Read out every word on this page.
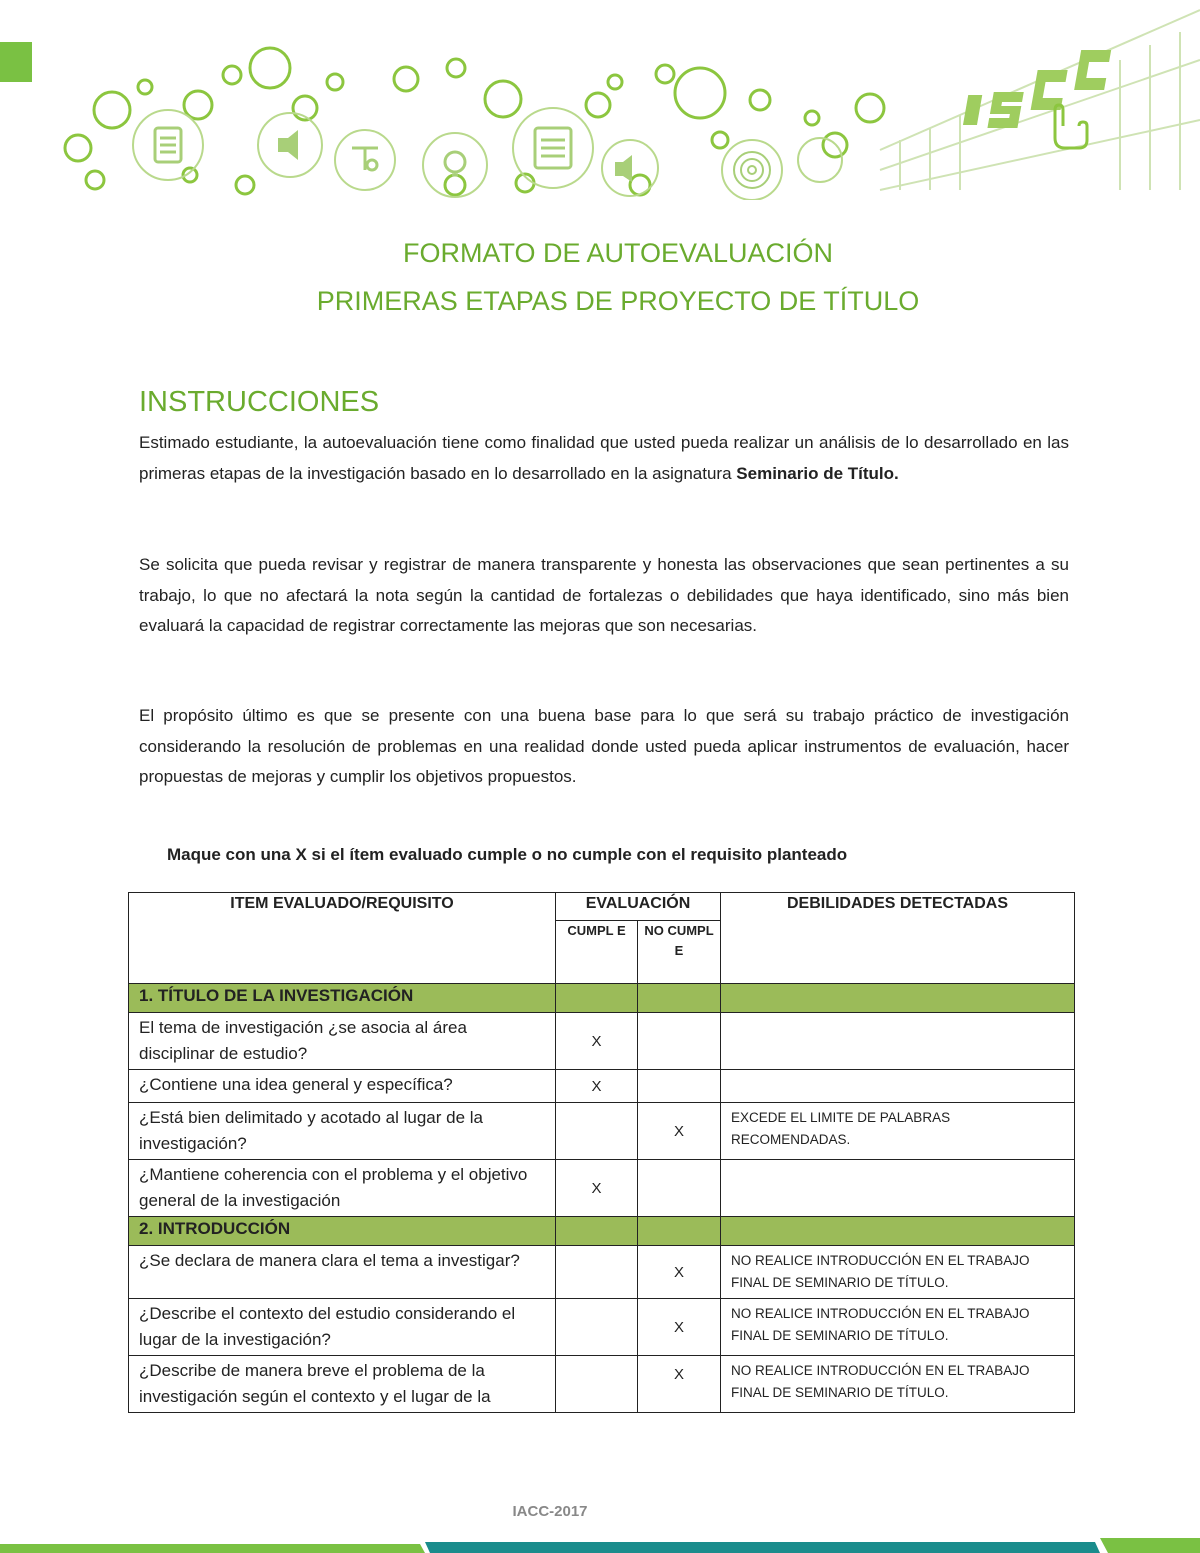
FORMATO DE AUTOEVALUACIÓN
PRIMERAS ETAPAS DE PROYECTO DE TÍTULO
INSTRUCCIONES
Estimado estudiante, la autoevaluación tiene como finalidad que usted pueda realizar un análisis de lo desarrollado en las primeras etapas de la investigación basado en lo desarrollado en la asignatura Seminario de Título.
Se solicita que pueda revisar y registrar de manera transparente y honesta las observaciones que sean pertinentes a su trabajo, lo que no afectará la nota según la cantidad de fortalezas o debilidades que haya identificado, sino más bien evaluará la capacidad de registrar correctamente las mejoras que son necesarias.
El propósito último es que se presente con una buena base para lo que será su trabajo práctico de investigación considerando la resolución de problemas en una realidad donde usted pueda aplicar instrumentos de evaluación, hacer propuestas de mejoras y cumplir los objetivos propuestos.
Maque con una X si el ítem evaluado cumple o no cumple con el requisito planteado
ITEM EVALUADO/REQUISITO	EVALUACIÓN		DEBILIDADES DETECTADAS
	CUMPL E	NO CUMPL E	
1. TÍTULO DE LA INVESTIGACIÓN			
El tema de investigación ¿se asocia al área disciplinar de estudio?	X		
¿Contiene una idea general y específica?	X		
¿Está bien delimitado y acotado al lugar de la investigación?		X	EXCEDE EL LIMITE DE PALABRAS RECOMENDADAS.
¿Mantiene coherencia con el problema y el objetivo general de la investigación	X		
2. INTRODUCCIÓN			
¿Se declara de manera clara el tema a investigar?		X	NO REALICE INTRODUCCIÓN EN EL TRABAJO FINAL DE SEMINARIO DE TÍTULO.
¿Describe el contexto del estudio considerando el lugar de la investigación?		X	NO REALICE INTRODUCCIÓN EN EL TRABAJO FINAL DE SEMINARIO DE TÍTULO.
¿Describe de manera breve el problema de la investigación según el contexto y el lugar de la		X	NO REALICE INTRODUCCIÓN EN EL TRABAJO FINAL DE SEMINARIO DE TÍTULO.
IACC-2017
